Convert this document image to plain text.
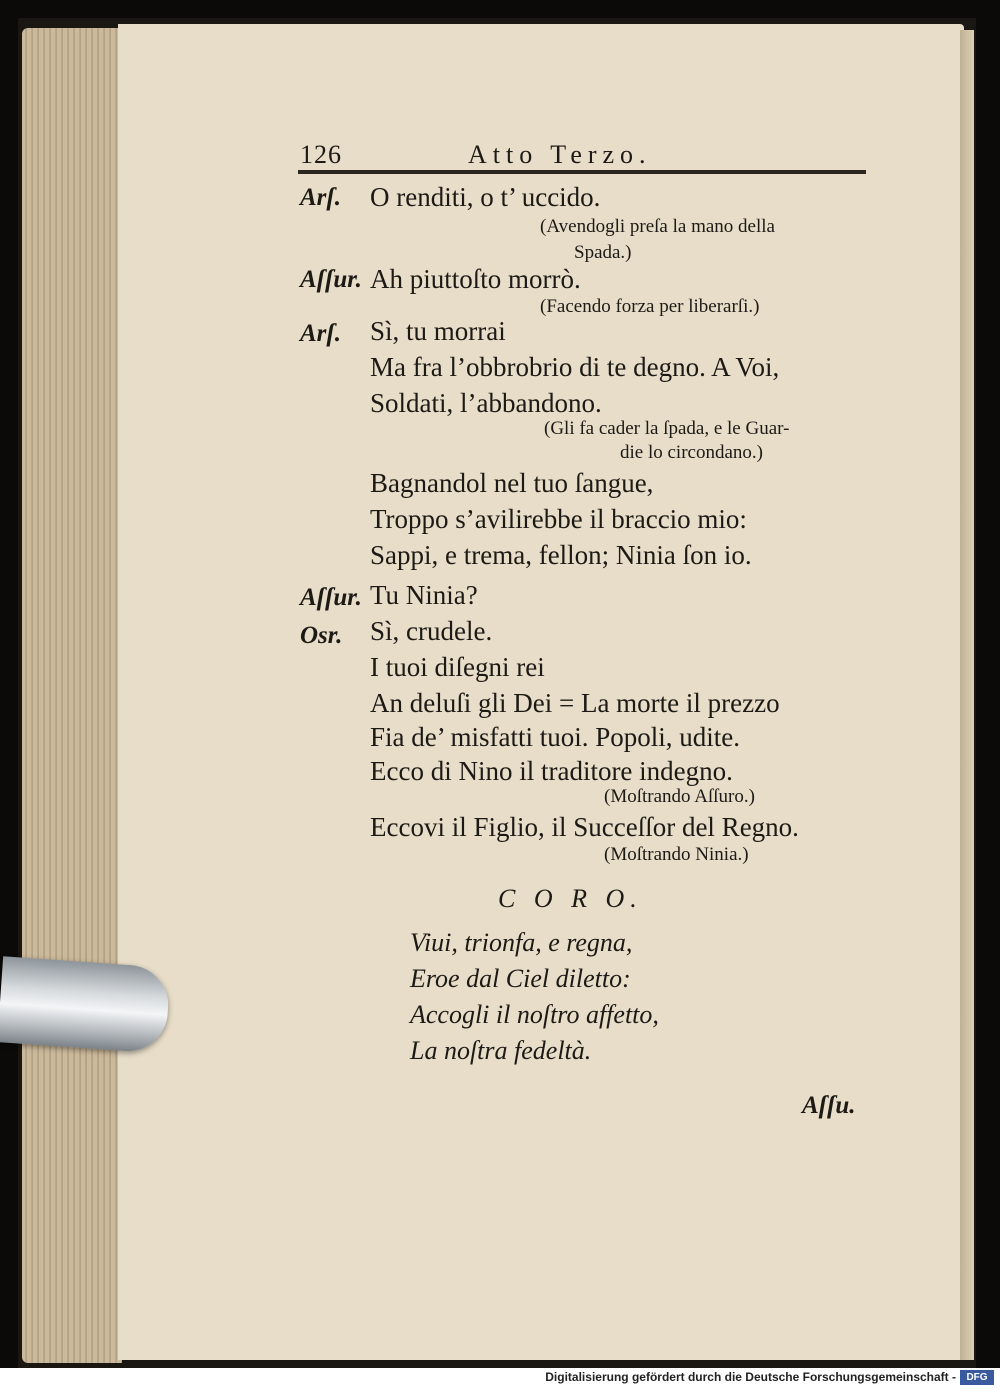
126	Atto Terzo.
Arſ. O renditi, o t’ uccido.
(Avendogli preſa la mano della
Spada.)
Aſſur. Ah piuttoſto morrò.
(Facendo forza per liberarſi.)
Arſ. Sì, tu morrai
Ma fra l’obbrobrio di te degno. A Voi,
Soldati, l’abbandono.
(Gli fa cader la ſpada, e le Guar-
die lo circondano.)
Bagnandol nel tuo ſangue,
Troppo s’avilirebbe il braccio mio:
Sappi, e trema, fellon; Ninia ſon io.
Aſſur. Tu Ninia?
Osr. Sì, crudele.
I tuoi diſegni rei
An deluſi gli Dei = La morte il prezzo
Fia de’ misfatti tuoi. Popoli, udite.
Ecco di Nino il traditore indegno.
(Moſtrando Aſſuro.)
Eccovi il Figlio, il Succeſſor del Regno.
(Moſtrando Ninia.)
C O R O.
Viui, trionfa, e regna,
Eroe dal Ciel diletto:
Accogli il noſtro affetto,
La noſtra fedeltà.
Aſſu.
Digitalisierung gefördert durch die Deutsche Forschungsgemeinschaft -	DFG
